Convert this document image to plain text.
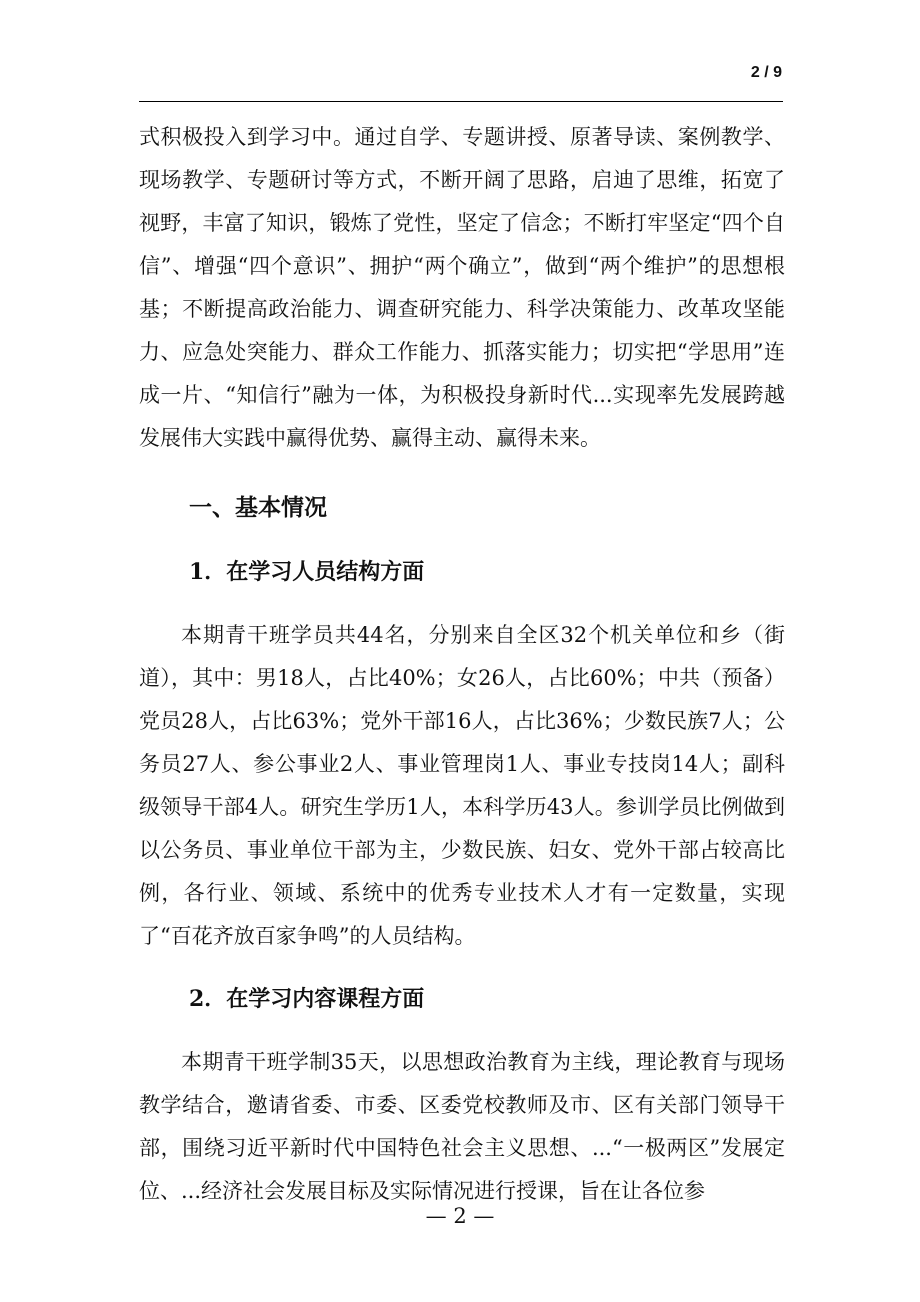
2 / 9

式积极投入到学习中。通过自学、专题讲授、原著导读、案例教学、现场教学、专题研讨等方式，不断开阔了思路，启迪了思维，拓宽了视野，丰富了知识，锻炼了党性，坚定了信念；不断打牢坚定“四个自信”、增强“四个意识”、拥护“两个确立”，做到“两个维护”的思想根基；不断提高政治能力、调查研究能力、科学决策能力、改革攻坚能力、应急处突能力、群众工作能力、抓落实能力；切实把“学思用”连成一片、“知信行”融为一体，为积极投身新时代...实现率先发展跨越发展伟大实践中赢得优势、赢得主动、赢得未来。

一、基本情况

1．在学习人员结构方面

本期青干班学员共44名，分别来自全区32个机关单位和乡（街道），其中：男18人，占比40%；女26人，占比60%；中共（预备）党员28人，占比63%；党外干部16人，占比36%；少数民族7人；公务员27人、参公事业2人、事业管理岗1人、事业专技岗14人；副科级领导干部4人。研究生学历1人，本科学历43人。参训学员比例做到以公务员、事业单位干部为主，少数民族、妇女、党外干部占较高比例，各行业、领域、系统中的优秀专业技术人才有一定数量，实现了“百花齐放百家争鸣”的人员结构。

2．在学习内容课程方面

本期青干班学制35天，以思想政治教育为主线，理论教育与现场教学结合，邀请省委、市委、区委党校教师及市、区有关部门领导干部，围绕习近平新时代中国特色社会主义思想、...“一极两区”发展定位、...经济社会发展目标及实际情况进行授课，旨在让各位参

— 2 —
